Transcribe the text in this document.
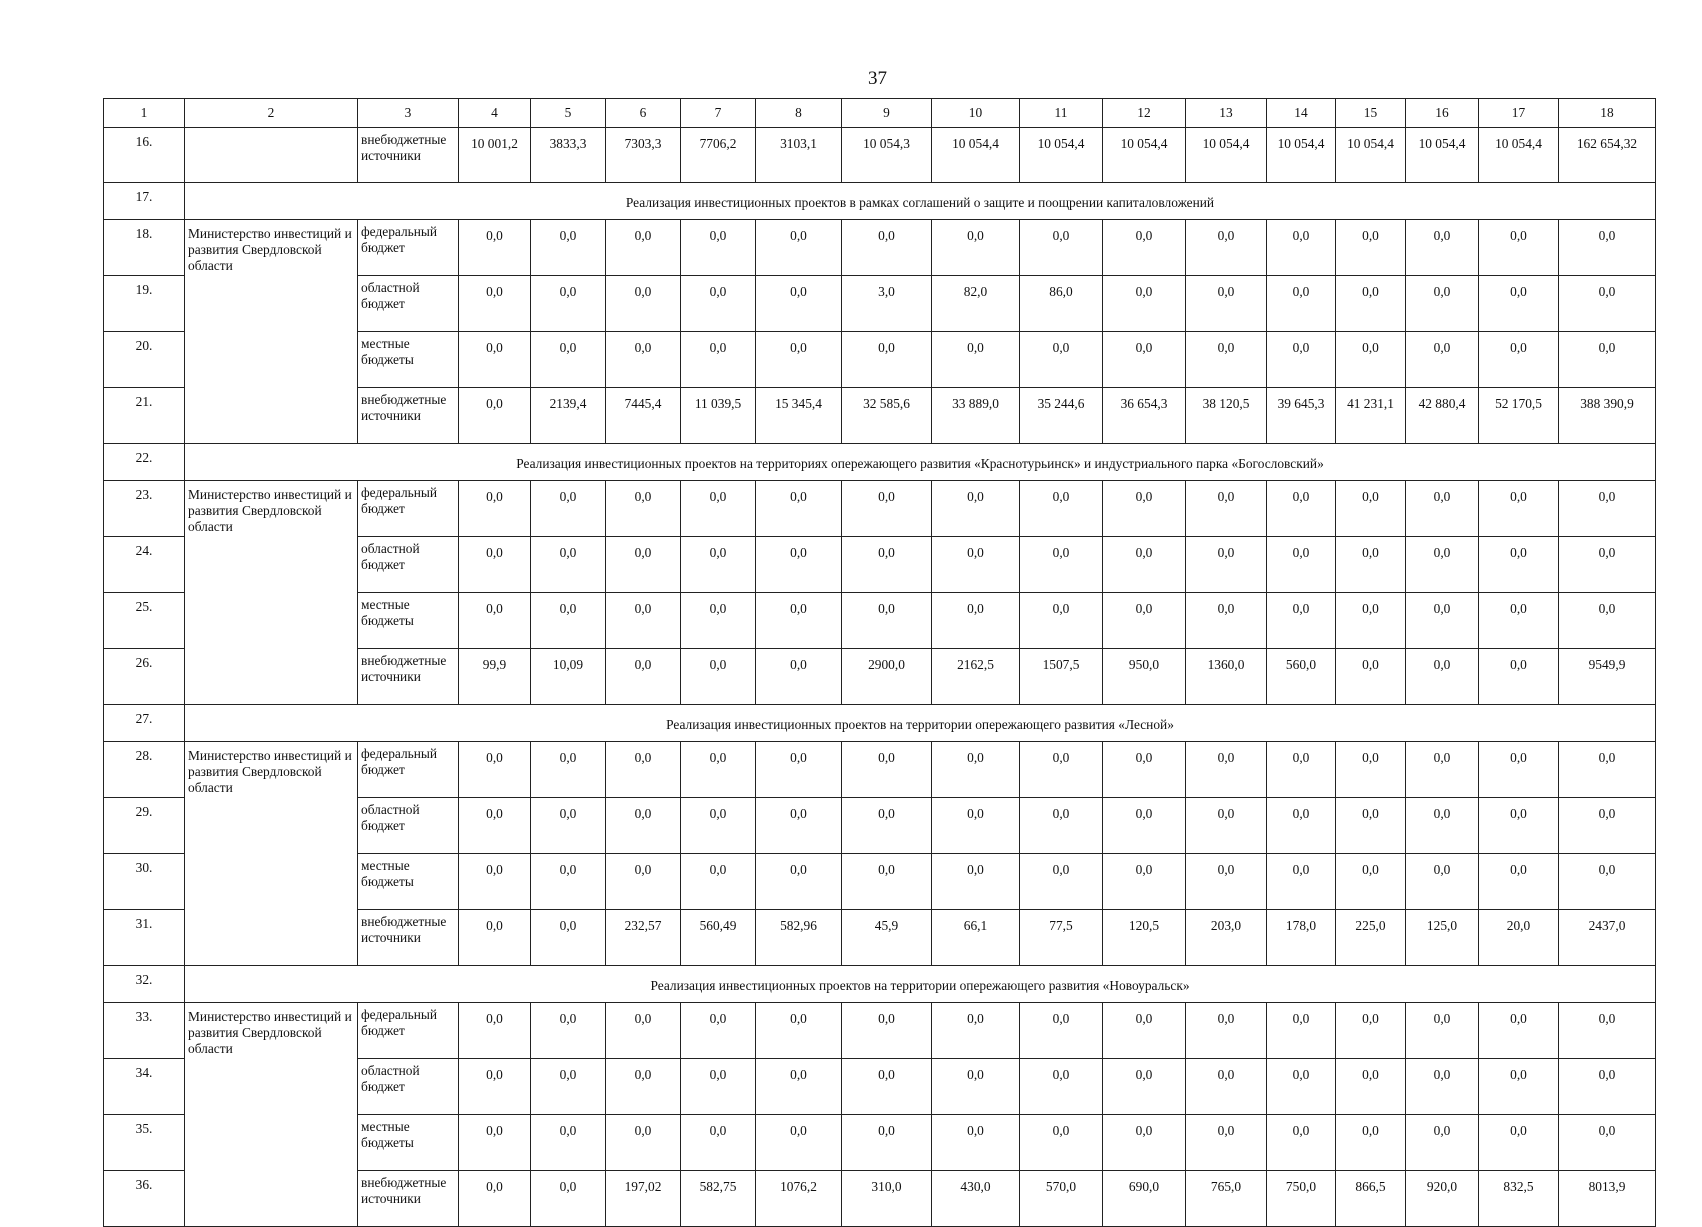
37
1	2	3	4	5	6	7	8	9	10	11	12	13	14	15	16	17	18
16.		внебюджетные источники	10 001,2	3833,3	7303,3	7706,2	3103,1	10 054,3	10 054,4	10 054,4	10 054,4	10 054,4	10 054,4	10 054,4	10 054,4	10 054,4	162 654,32
17.	Реализация инвестиционных проектов в рамках соглашений о защите и поощрении капиталовложений																
18.	Министерство инвестиций и развития Свердловской области	федеральный бюджет	0,0	0,0	0,0	0,0	0,0	0,0	0,0	0,0	0,0	0,0	0,0	0,0	0,0	0,0	0,0
19.		областной бюджет	0,0	0,0	0,0	0,0	0,0	3,0	82,0	86,0	0,0	0,0	0,0	0,0	0,0	0,0	0,0
20.		местные бюджеты	0,0	0,0	0,0	0,0	0,0	0,0	0,0	0,0	0,0	0,0	0,0	0,0	0,0	0,0	0,0
21.		внебюджетные источники	0,0	2139,4	7445,4	11 039,5	15 345,4	32 585,6	33 889,0	35 244,6	36 654,3	38 120,5	39 645,3	41 231,1	42 880,4	52 170,5	388 390,9
22.	Реализация инвестиционных проектов на территориях опережающего развития «Краснотурьинск» и индустриального парка «Богословский»																
23.	Министерство инвестиций и развития Свердловской области	федеральный бюджет	0,0	0,0	0,0	0,0	0,0	0,0	0,0	0,0	0,0	0,0	0,0	0,0	0,0	0,0	0,0
24.		областной бюджет	0,0	0,0	0,0	0,0	0,0	0,0	0,0	0,0	0,0	0,0	0,0	0,0	0,0	0,0	0,0
25.		местные бюджеты	0,0	0,0	0,0	0,0	0,0	0,0	0,0	0,0	0,0	0,0	0,0	0,0	0,0	0,0	0,0
26.		внебюджетные источники	99,9	10,09	0,0	0,0	0,0	2900,0	2162,5	1507,5	950,0	1360,0	560,0	0,0	0,0	0,0	9549,9
27.	Реализация инвестиционных проектов на территории опережающего развития «Лесной»																
28.	Министерство инвестиций и развития Свердловской области	федеральный бюджет	0,0	0,0	0,0	0,0	0,0	0,0	0,0	0,0	0,0	0,0	0,0	0,0	0,0	0,0	0,0
29.		областной бюджет	0,0	0,0	0,0	0,0	0,0	0,0	0,0	0,0	0,0	0,0	0,0	0,0	0,0	0,0	0,0
30.		местные бюджеты	0,0	0,0	0,0	0,0	0,0	0,0	0,0	0,0	0,0	0,0	0,0	0,0	0,0	0,0	0,0
31.		внебюджетные источники	0,0	0,0	232,57	560,49	582,96	45,9	66,1	77,5	120,5	203,0	178,0	225,0	125,0	20,0	2437,0
32.	Реализация инвестиционных проектов на территории опережающего развития «Новоуральск»																
33.	Министерство инвестиций и развития Свердловской области	федеральный бюджет	0,0	0,0	0,0	0,0	0,0	0,0	0,0	0,0	0,0	0,0	0,0	0,0	0,0	0,0	0,0
34.		областной бюджет	0,0	0,0	0,0	0,0	0,0	0,0	0,0	0,0	0,0	0,0	0,0	0,0	0,0	0,0	0,0
35.		местные бюджеты	0,0	0,0	0,0	0,0	0,0	0,0	0,0	0,0	0,0	0,0	0,0	0,0	0,0	0,0	0,0
36.		внебюджетные источники	0,0	0,0	197,02	582,75	1076,2	310,0	430,0	570,0	690,0	765,0	750,0	866,5	920,0	832,5	8013,9
